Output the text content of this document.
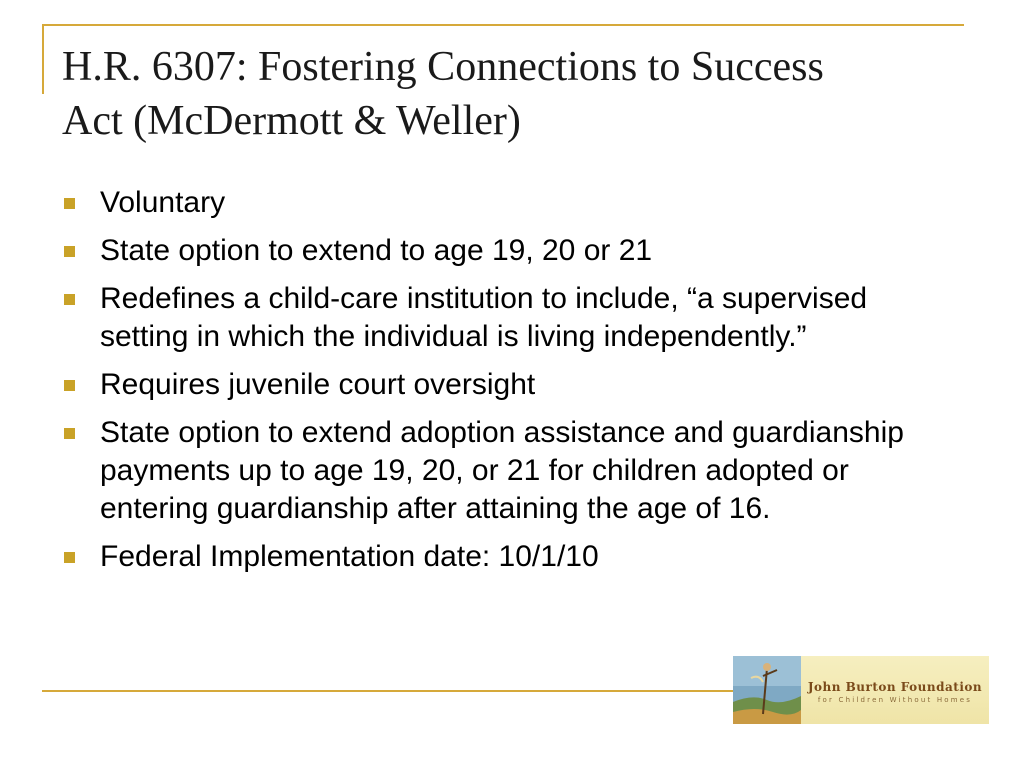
H.R. 6307: Fostering Connections to Success
Act (McDermott & Weller)
Voluntary
State option to extend to age 19, 20 or 21
Redefines a child-care institution to include, “a supervised setting in which the individual is living independently.”
Requires juvenile court oversight
State option to extend adoption assistance and guardianship payments up to age 19, 20, or 21 for children adopted or entering guardianship after attaining the age of 16.
Federal Implementation date: 10/1/10
John Burton Foundation
for Children Without Homes
